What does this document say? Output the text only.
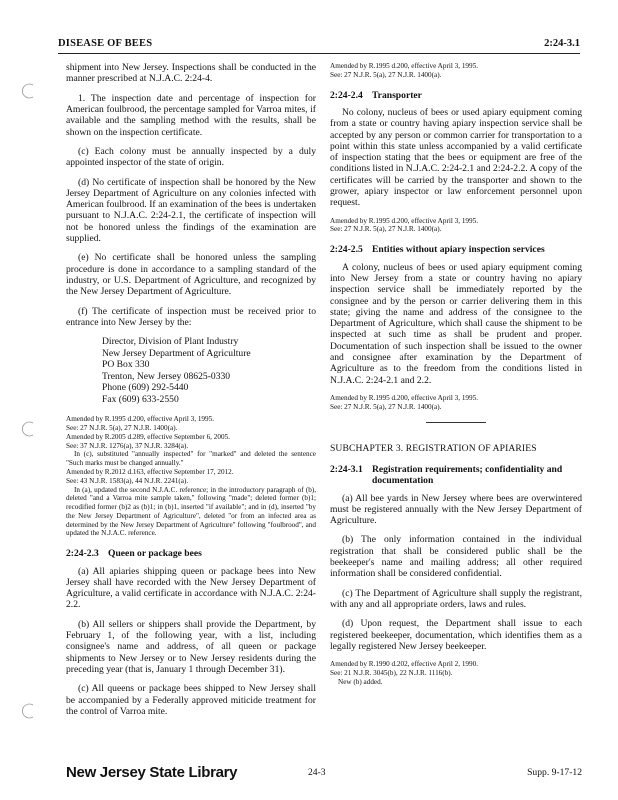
DISEASE OF BEES	2:24-3.1

shipment into New Jersey. Inspections shall be conducted in the manner prescribed at N.J.A.C. 2:24-4.

1. The inspection date and percentage of inspection for American foulbrood, the percentage sampled for Varroa mites, if available and the sampling method with the results, shall be shown on the inspection certificate.

(c) Each colony must be annually inspected by a duly appointed inspector of the state of origin.

(d) No certificate of inspection shall be honored by the New Jersey Department of Agriculture on any colonies infected with American foulbrood. If an examination of the bees is undertaken pursuant to N.J.A.C. 2:24-2.1, the certificate of inspection will not be honored unless the findings of the examination are supplied.

(e) No certificate shall be honored unless the sampling procedure is done in accordance to a sampling standard of the industry, or U.S. Department of Agriculture, and recognized by the New Jersey Department of Agriculture.

(f) The certificate of inspection must be received prior to entrance into New Jersey by the:

Director, Division of Plant Industry
New Jersey Department of Agriculture
PO Box 330
Trenton, New Jersey 08625-0330
Phone (609) 292-5440
Fax (609) 633-2550
Amended by R.1995 d.200, effective April 3, 1995.
See: 27 N.J.R. 5(a), 27 N.J.R. 1400(a).
Amended by R.2005 d.289, effective September 6, 2005.
See: 37 N.J.R. 1276(a), 37 N.J.R. 3284(a).
In (c), substituted "annually inspected" for "marked" and deleted the sentence "Such marks must be changed annually."
Amended by R.2012 d.163, effective September 17, 2012.
See: 43 N.J.R. 1583(a), 44 N.J.R. 2241(a).
In (a), updated the second N.J.A.C. reference; in the introductory paragraph of (b), deleted "and a Varroa mite sample taken," following "made"; deleted former (b)1; recodified former (b)2 as (b)1; in (b)1, inserted "if available"; and in (d), inserted "by the New Jersey Department of Agriculture", deleted "or from an infected area as determined by the New Jersey Department of Agriculture" following "foulbrood", and updated the N.J.A.C. reference.
2:24-2.3 Queen or package bees

(a) All apiaries shipping queen or package bees into New Jersey shall have recorded with the New Jersey Department of Agriculture, a valid certificate in accordance with N.J.A.C. 2:24-2.2.

(b) All sellers or shippers shall provide the Department, by February 1, of the following year, with a list, including consignee's name and address, of all queen or package shipments to New Jersey or to New Jersey residents during the preceding year (that is, January 1 through December 31).

(c) All queens or package bees shipped to New Jersey shall be accompanied by a Federally approved miticide treatment for the control of Varroa mite.

Amended by R.1995 d.200, effective April 3, 1995.
See: 27 N.J.R. 5(a), 27 N.J.R. 1400(a).
2:24-2.4 Transporter

No colony, nucleus of bees or used apiary equipment coming from a state or country having apiary inspection service shall be accepted by any person or common carrier for transportation to a point within this state unless accompanied by a valid certificate of inspection stating that the bees or equipment are free of the conditions listed in N.J.A.C. 2:24-2.1 and 2:24-2.2. A copy of the certificates will be carried by the transporter and shown to the grower, apiary inspector or law enforcement personnel upon request.

Amended by R.1995 d.200, effective April 3, 1995.
See: 27 N.J.R. 5(a), 27 N.J.R. 1400(a).
2:24-2.5 Entities without apiary inspection services

A colony, nucleus of bees or used apiary equipment coming into New Jersey from a state or country having no apiary inspection service shall be immediately reported by the consignee and by the person or carrier delivering them in this state; giving the name and address of the consignee to the Department of Agriculture, which shall cause the shipment to be inspected at such time as shall be prudent and proper. Documentation of such inspection shall be issued to the owner and consignee after examination by the Department of Agriculture as to the freedom from the conditions listed in N.J.A.C. 2:24-2.1 and 2.2.

Amended by R.1995 d.200, effective April 3, 1995.
See: 27 N.J.R. 5(a), 27 N.J.R. 1400(a).
SUBCHAPTER 3. REGISTRATION OF APIARIES
2:24-3.1 Registration requirements; confidentiality and documentation

(a) All bee yards in New Jersey where bees are overwintered must be registered annually with the New Jersey Department of Agriculture.

(b) The only information contained in the individual registration that shall be considered public shall be the beekeeper's name and mailing address; all other required information shall be considered confidential.

(c) The Department of Agriculture shall supply the registrant, with any and all appropriate orders, laws and rules.

(d) Upon request, the Department shall issue to each registered beekeeper, documentation, which identifies them as a legally registered New Jersey beekeeper.

Amended by R.1990 d.202, effective April 2, 1990.
See: 21 N.J.R. 3045(b), 22 N.J.R. 1116(b).
New (b) added.
New Jersey State Library	24-3	Supp. 9-17-12
